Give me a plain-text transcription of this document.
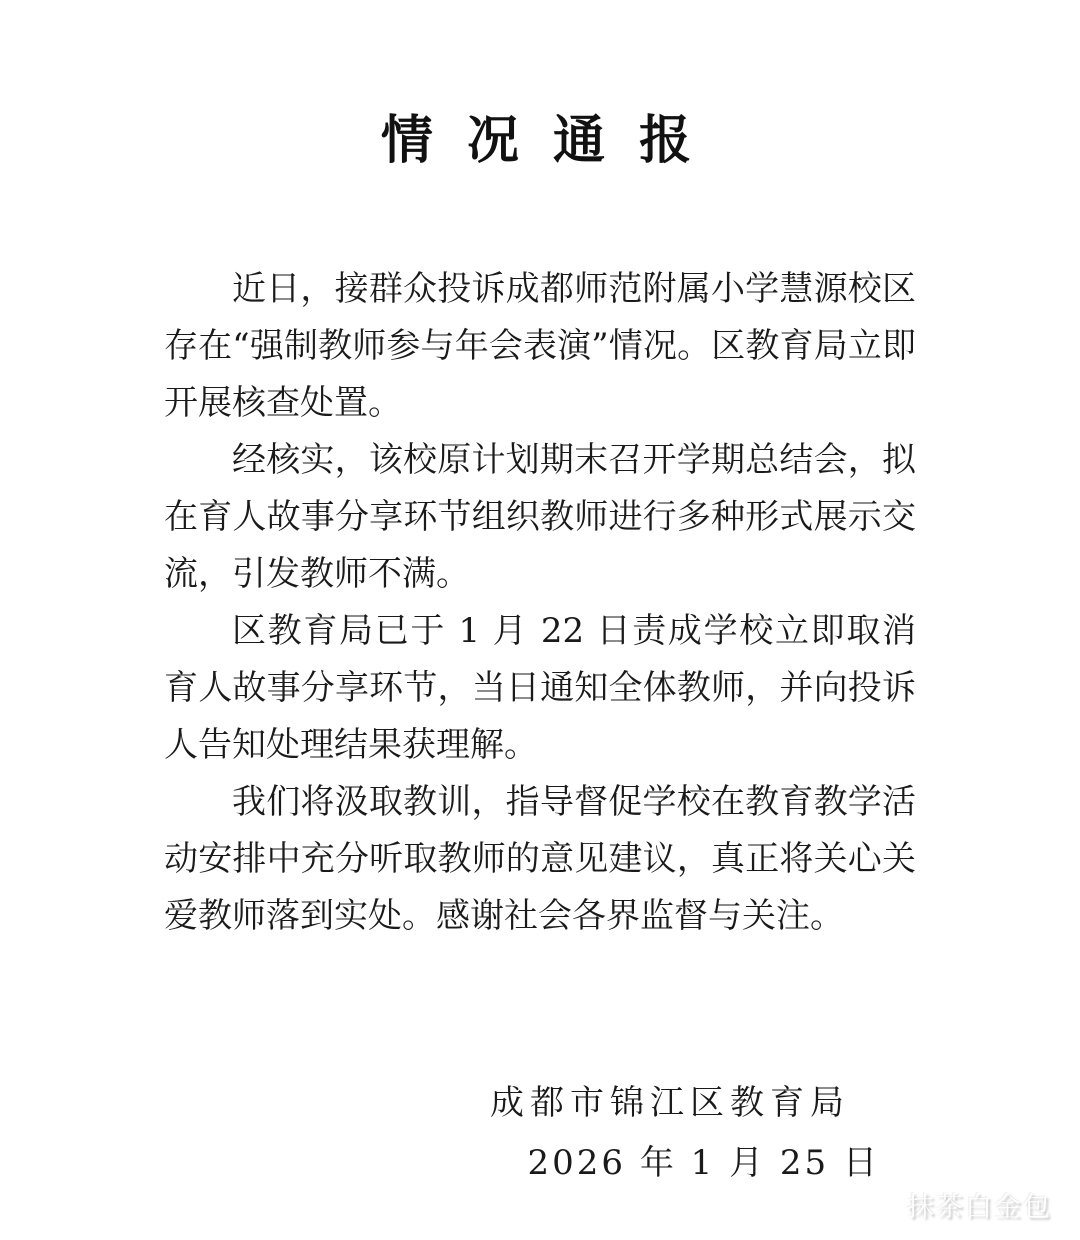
情 况 通 报

近日，接群众投诉成都师范附属小学慧源校区存在“强制教师参与年会表演”情况。区教育局立即开展核查处置。

经核实，该校原计划期末召开学期总结会，拟在育人故事分享环节组织教师进行多种形式展示交流，引发教师不满。

区教育局已于 1 月 22 日责成学校立即取消育人故事分享环节，当日通知全体教师，并向投诉人告知处理结果获理解。

我们将汲取教训，指导督促学校在教育教学活动安排中充分听取教师的意见建议，真正将关心关爱教师落到实处。感谢社会各界监督与关注。

成都市锦江区教育局
2026 年 1 月 25 日
抹茶白金包
